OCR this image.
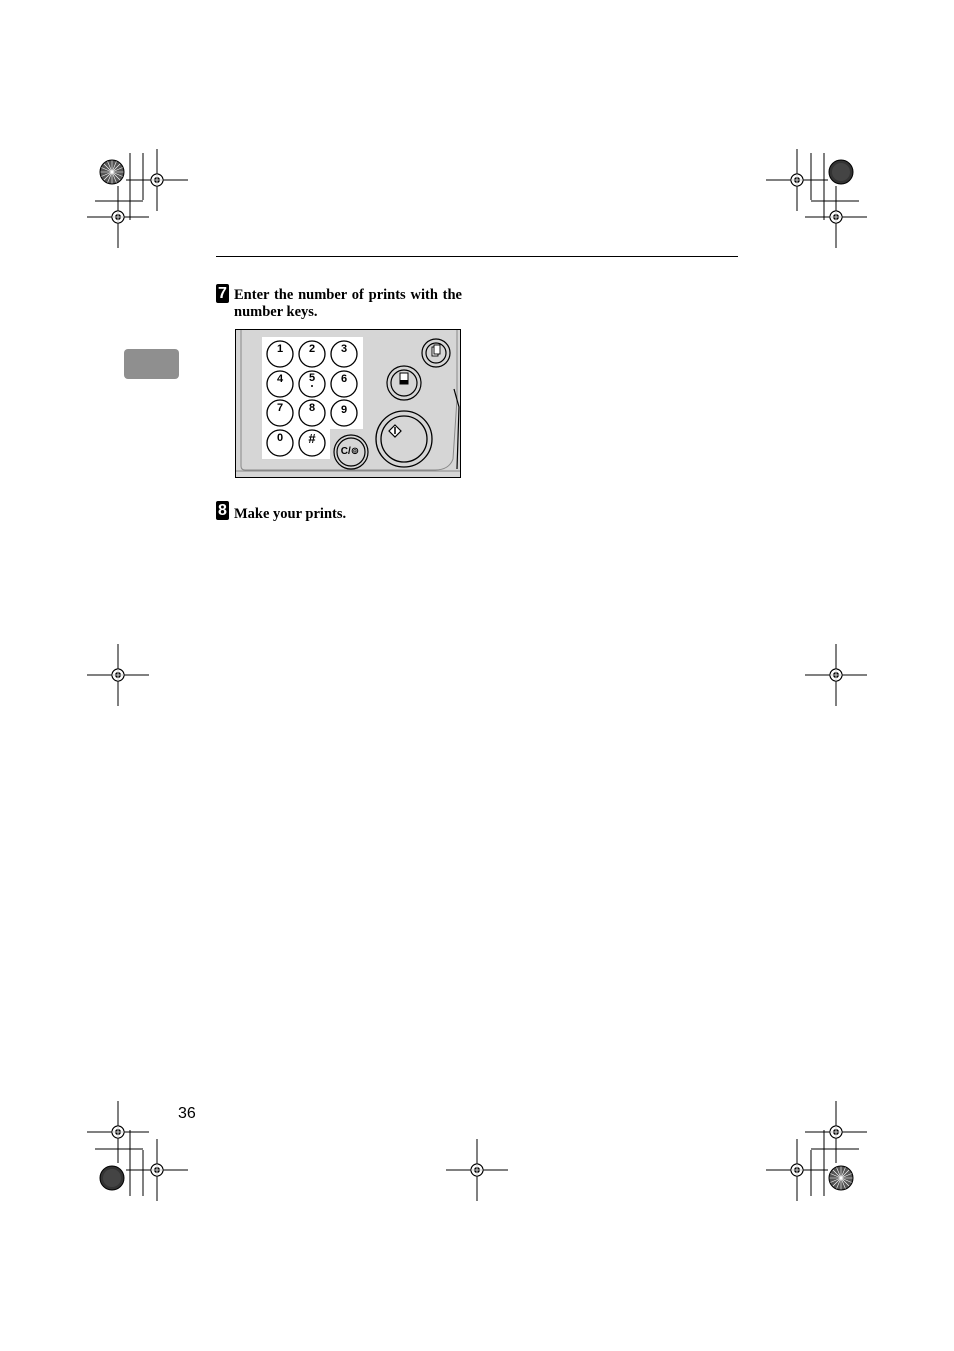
7 Enter the number of prints with the number keys.
1 2 3
4 5 6
7 8 9
0 #
C/⊚
8 Make your prints.
36
